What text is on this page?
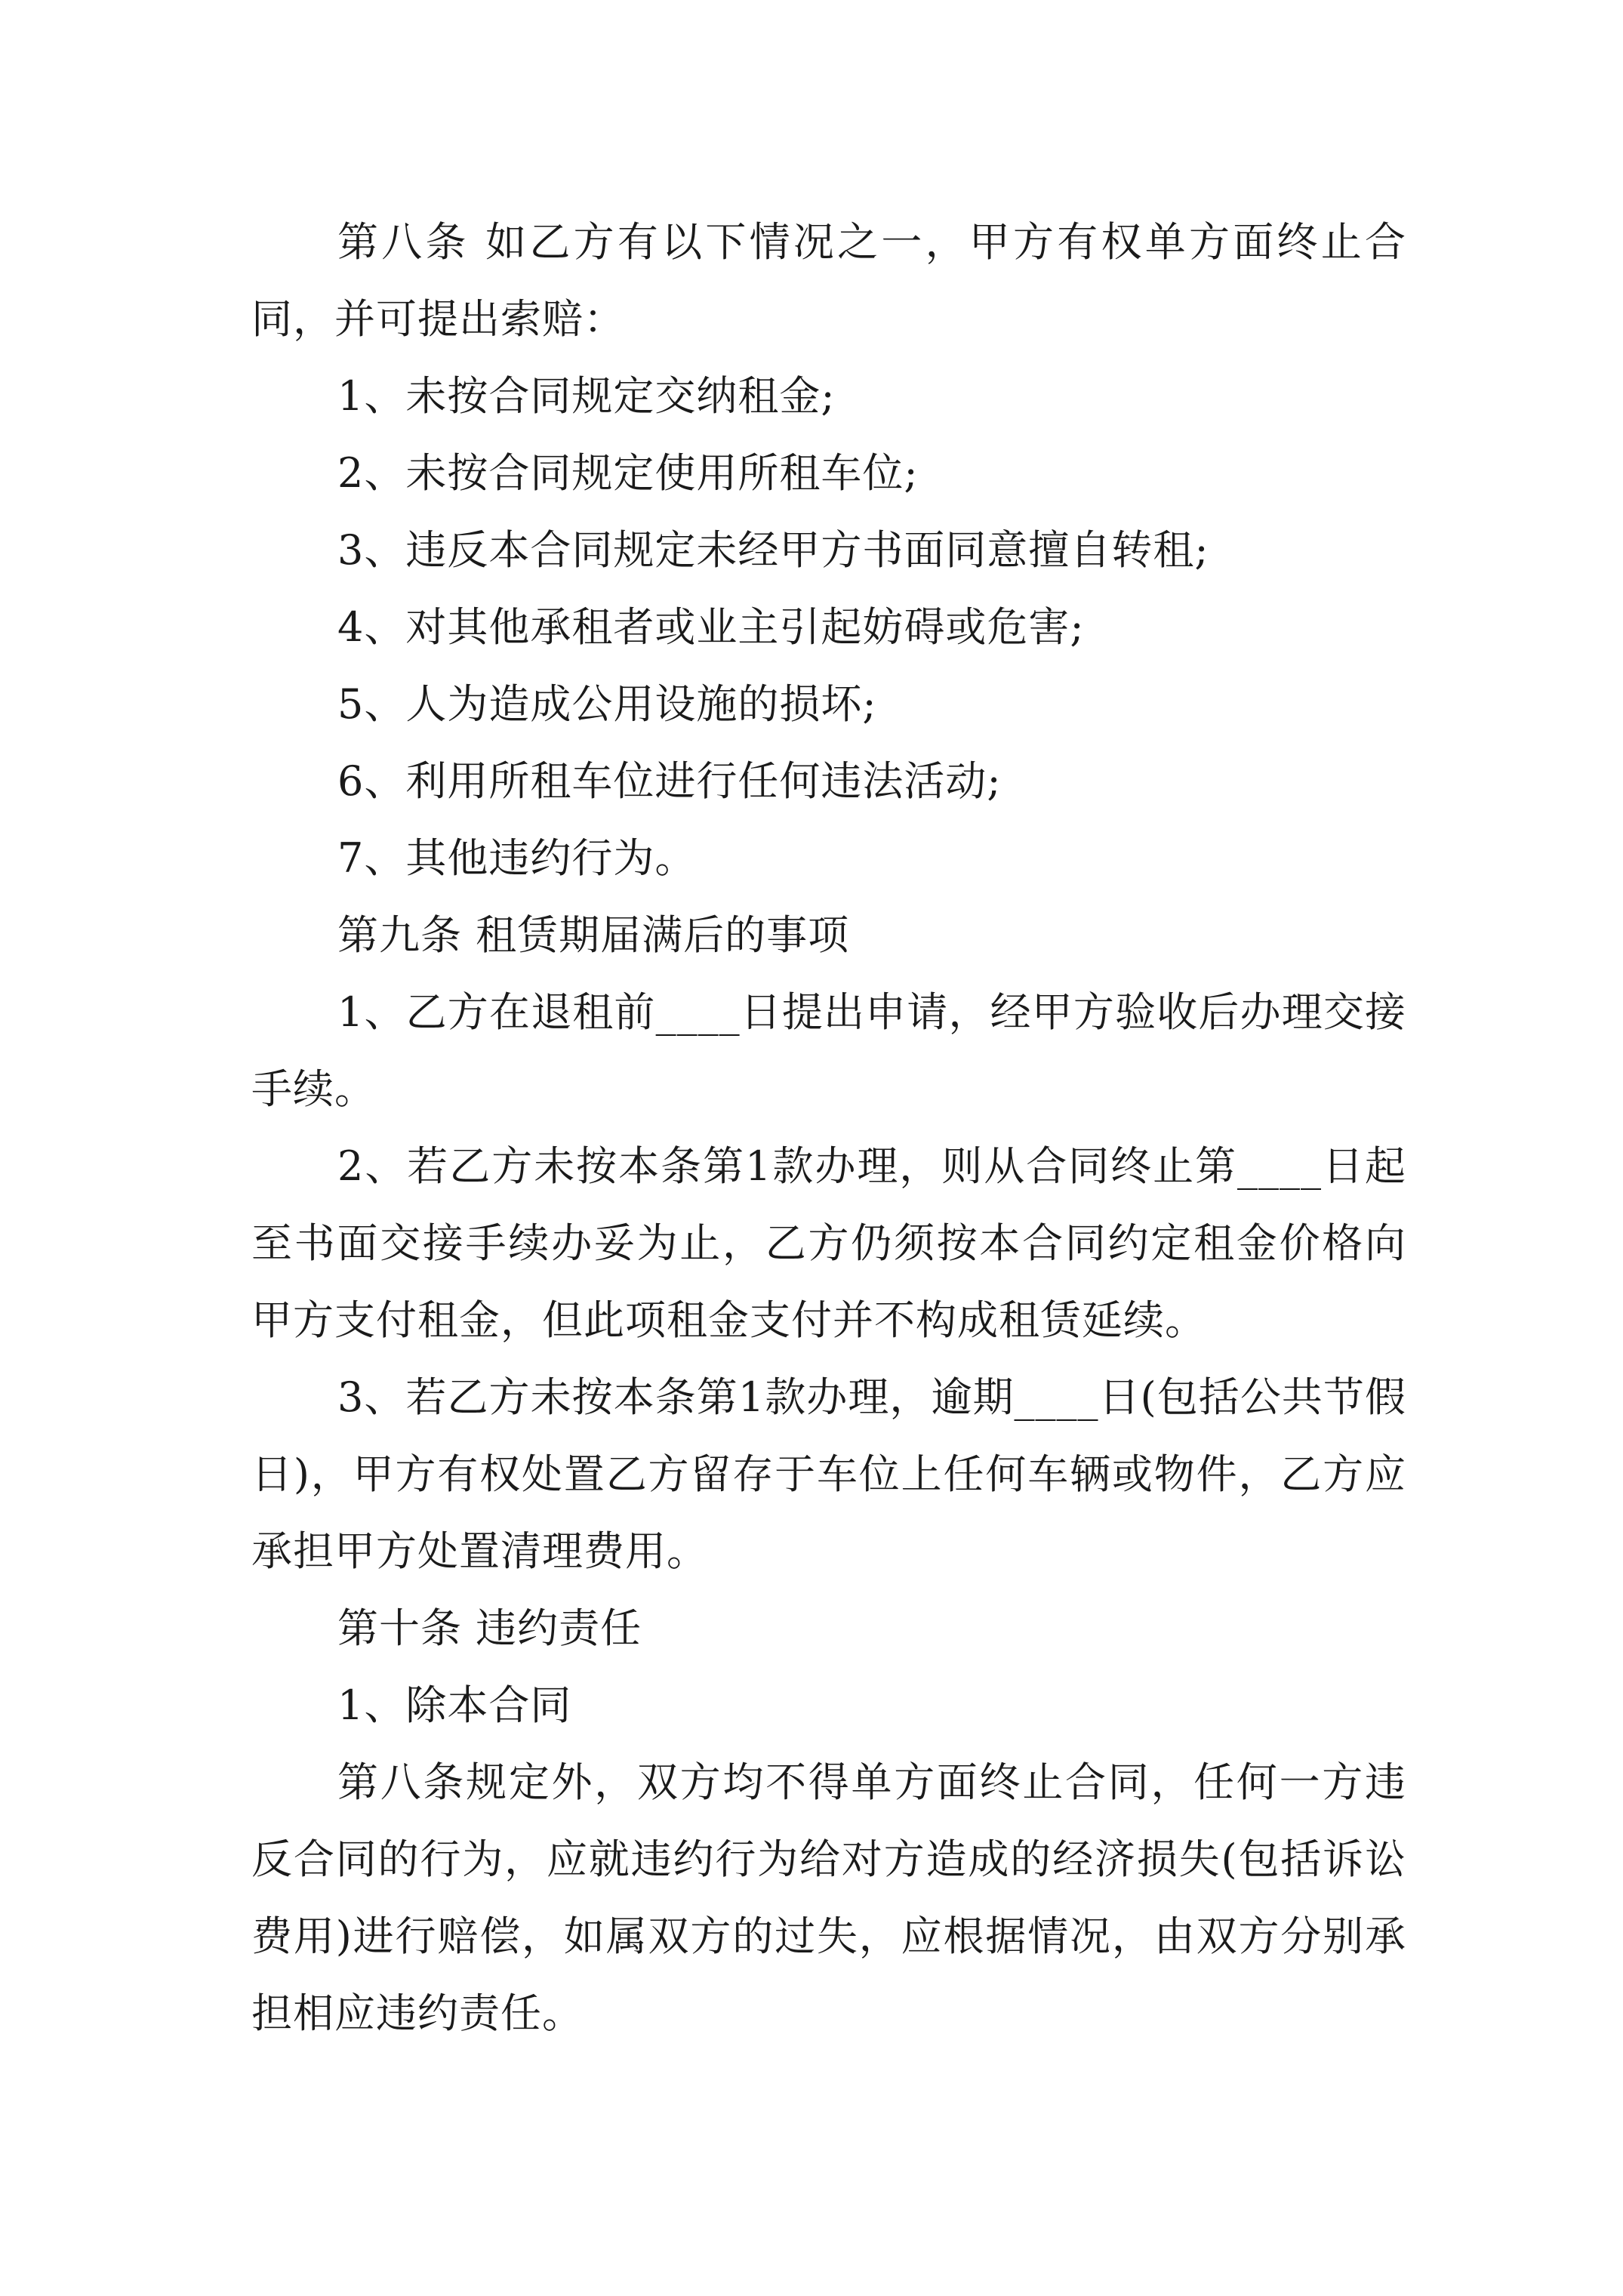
第八条 如乙方有以下情况之一，甲方有权单方面终止合同，并可提出索赔：

1、未按合同规定交纳租金;

2、未按合同规定使用所租车位;

3、违反本合同规定未经甲方书面同意擅自转租;

4、对其他承租者或业主引起妨碍或危害;

5、人为造成公用设施的损坏;

6、利用所租车位进行任何违法活动;

7、其他违约行为。

第九条 租赁期届满后的事项

1、乙方在退租前____日提出申请，经甲方验收后办理交接手续。

2、若乙方未按本条第1款办理，则从合同终止第____日起至书面交接手续办妥为止，乙方仍须按本合同约定租金价格向甲方支付租金，但此项租金支付并不构成租赁延续。

3、若乙方未按本条第1款办理，逾期____日(包括公共节假日)，甲方有权处置乙方留存于车位上任何车辆或物件，乙方应承担甲方处置清理费用。

第十条 违约责任

1、除本合同

第八条规定外，双方均不得单方面终止合同，任何一方违反合同的行为，应就违约行为给对方造成的经济损失(包括诉讼费用)进行赔偿，如属双方的过失，应根据情况，由双方分别承担相应违约责任。
